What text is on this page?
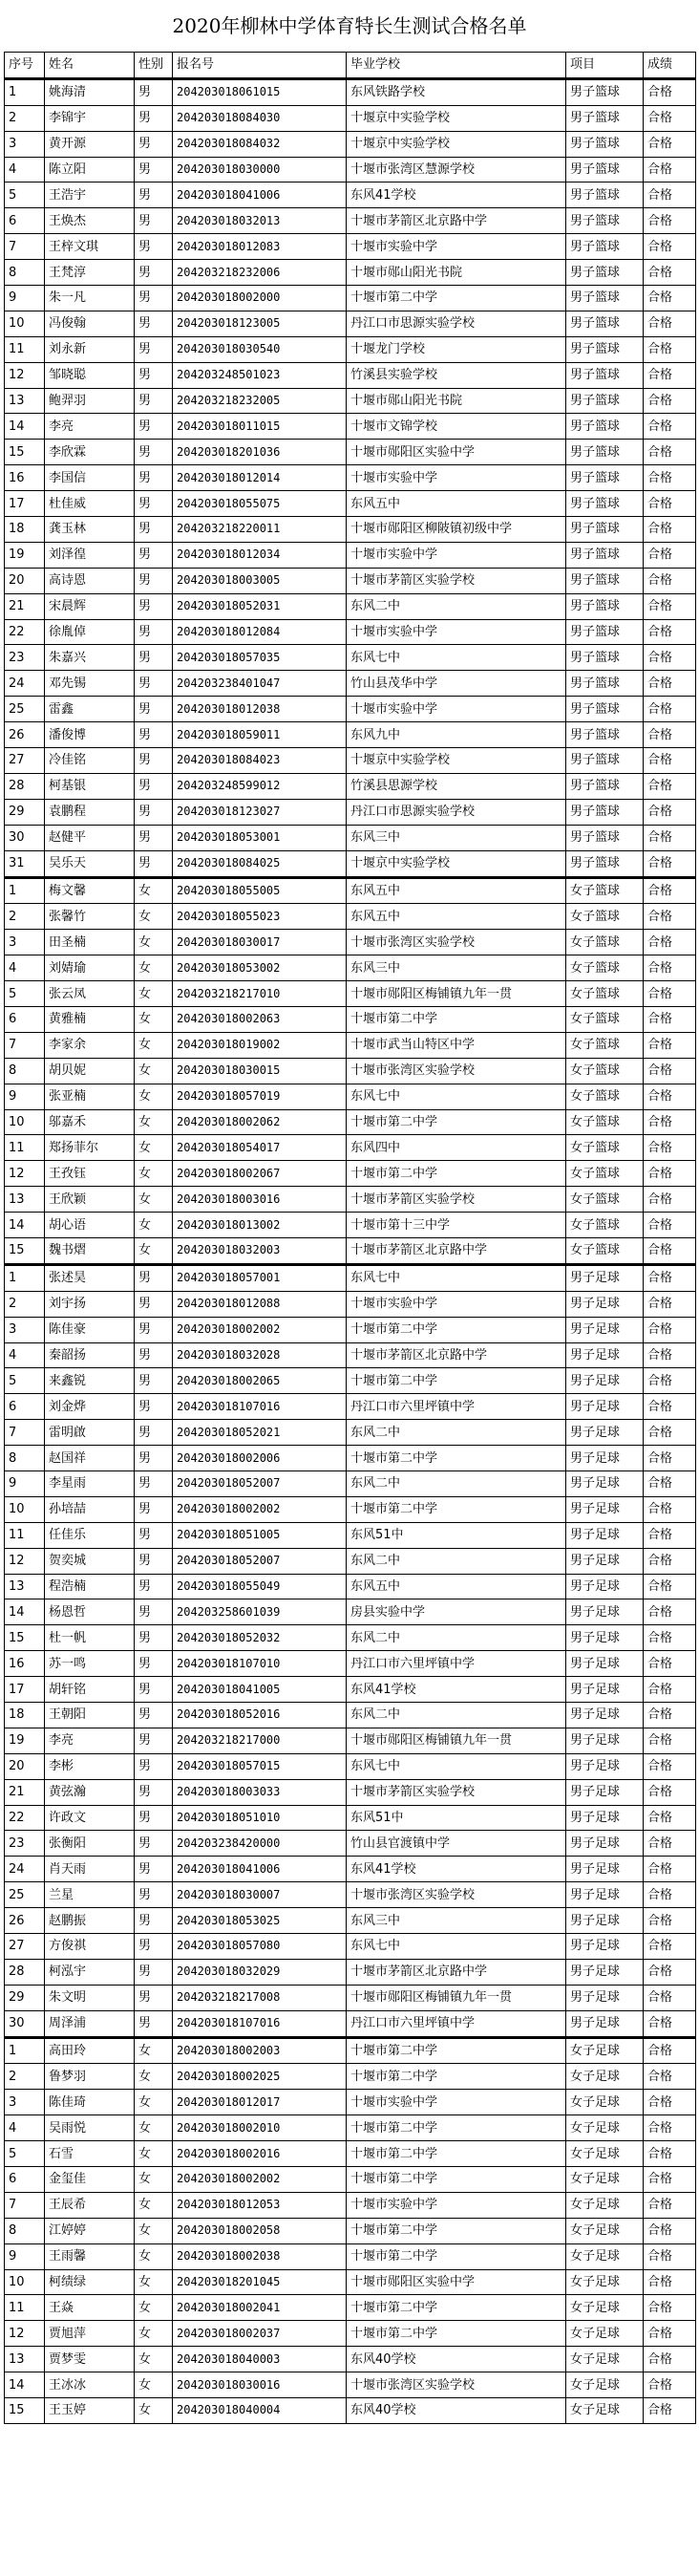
2020年柳林中学体育特长生测试合格名单
序号	姓名	性别	报名号	毕业学校	项目	成绩
1	姚海清	男	204203018061015	东风铁路学校	男子篮球	合格
2	李锦宇	男	204203018084030	十堰京中实验学校	男子篮球	合格
3	黄开源	男	204203018084032	十堰京中实验学校	男子篮球	合格
4	陈立阳	男	204203018030000	十堰市张湾区慧源学校	男子篮球	合格
5	王浩宇	男	204203018041006	东风41学校	男子篮球	合格
6	王焕杰	男	204203018032013	十堰市茅箭区北京路中学	男子篮球	合格
7	王梓文琪	男	204203018012083	十堰市实验中学	男子篮球	合格
8	王梵淳	男	204203218232006	十堰市郧山阳光书院	男子篮球	合格
9	朱一凡	男	204203018002000	十堰市第二中学	男子篮球	合格
10	冯俊翰	男	204203018123005	丹江口市思源实验学校	男子篮球	合格
11	刘永新	男	204203018030540	十堰龙门学校	男子篮球	合格
12	邹晓聪	男	204203248501023	竹溪县实验学校	男子篮球	合格
13	鲍羿羽	男	204203218232005	十堰市郧山阳光书院	男子篮球	合格
14	李亮	男	204203018011015	十堰市文锦学校	男子篮球	合格
15	李欣霖	男	204203018201036	十堰市郧阳区实验中学	男子篮球	合格
16	李国信	男	204203018012014	十堰市实验中学	男子篮球	合格
17	杜佳威	男	204203018055075	东风五中	男子篮球	合格
18	龚玉林	男	204203218220011	十堰市郧阳区柳陂镇初级中学	男子篮球	合格
19	刘泽徨	男	204203018012034	十堰市实验中学	男子篮球	合格
20	高诗恩	男	204203018003005	十堰市茅箭区实验学校	男子篮球	合格
21	宋晨辉	男	204203018052031	东风二中	男子篮球	合格
22	徐胤倬	男	204203018012084	十堰市实验中学	男子篮球	合格
23	朱嘉兴	男	204203018057035	东风七中	男子篮球	合格
24	邓先锡	男	204203238401047	竹山县茂华中学	男子篮球	合格
25	雷鑫	男	204203018012038	十堰市实验中学	男子篮球	合格
26	潘俊博	男	204203018059011	东风九中	男子篮球	合格
27	冷佳铭	男	204203018084023	十堰京中实验学校	男子篮球	合格
28	柯基银	男	204203248599012	竹溪县思源学校	男子篮球	合格
29	袁鹏程	男	204203018123027	丹江口市思源实验学校	男子篮球	合格
30	赵健平	男	204203018053001	东风三中	男子篮球	合格
31	吴乐天	男	204203018084025	十堰京中实验学校	男子篮球	合格
1	梅文馨	女	204203018055005	东风五中	女子篮球	合格
2	张馨竹	女	204203018055023	东风五中	女子篮球	合格
3	田圣楠	女	204203018030017	十堰市张湾区实验学校	女子篮球	合格
4	刘婧瑜	女	204203018053002	东风三中	女子篮球	合格
5	张云凤	女	204203218217010	十堰市郧阳区梅铺镇九年一贯	女子篮球	合格
6	黄雅楠	女	204203018002063	十堰市第二中学	女子篮球	合格
7	李家余	女	204203018019002	十堰市武当山特区中学	女子篮球	合格
8	胡贝妮	女	204203018030015	十堰市张湾区实验学校	女子篮球	合格
9	张亚楠	女	204203018057019	东风七中	女子篮球	合格
10	邬嘉禾	女	204203018002062	十堰市第二中学	女子篮球	合格
11	郑扬菲尔	女	204203018054017	东风四中	女子篮球	合格
12	王孜钰	女	204203018002067	十堰市第二中学	女子篮球	合格
13	王欣颖	女	204203018003016	十堰市茅箭区实验学校	女子篮球	合格
14	胡心语	女	204203018013002	十堰市第十三中学	女子篮球	合格
15	魏书熠	女	204203018032003	十堰市茅箭区北京路中学	女子篮球	合格
1	张述昊	男	204203018057001	东风七中	男子足球	合格
2	刘宇扬	男	204203018012088	十堰市实验中学	男子足球	合格
3	陈佳豪	男	204203018002002	十堰市第二中学	男子足球	合格
4	秦韶扬	男	204203018032028	十堰市茅箭区北京路中学	男子足球	合格
5	来鑫锐	男	204203018002065	十堰市第二中学	男子足球	合格
6	刘金烨	男	204203018107016	丹江口市六里坪镇中学	男子足球	合格
7	雷明啟	男	204203018052021	东风二中	男子足球	合格
8	赵国祥	男	204203018002006	十堰市第二中学	男子足球	合格
9	李星雨	男	204203018052007	东风二中	男子足球	合格
10	孙培喆	男	204203018002002	十堰市第二中学	男子足球	合格
11	任佳乐	男	204203018051005	东风51中	男子足球	合格
12	贺奕城	男	204203018052007	东风二中	男子足球	合格
13	程浩楠	男	204203018055049	东风五中	男子足球	合格
14	杨恩哲	男	204203258601039	房县实验中学	男子足球	合格
15	杜一帆	男	204203018052032	东风二中	男子足球	合格
16	苏一鸣	男	204203018107010	丹江口市六里坪镇中学	男子足球	合格
17	胡轩铭	男	204203018041005	东风41学校	男子足球	合格
18	王朝阳	男	204203018052016	东风二中	男子足球	合格
19	李亮	男	204203218217000	十堰市郧阳区梅铺镇九年一贯	男子足球	合格
20	李彬	男	204203018057015	东风七中	男子足球	合格
21	黄弦瀚	男	204203018003033	十堰市茅箭区实验学校	男子足球	合格
22	许政文	男	204203018051010	东风51中	男子足球	合格
23	张衡阳	男	204203238420000	竹山县官渡镇中学	男子足球	合格
24	肖天雨	男	204203018041006	东风41学校	男子足球	合格
25	兰星	男	204203018030007	十堰市张湾区实验学校	男子足球	合格
26	赵鹏振	男	204203018053025	东风三中	男子足球	合格
27	方俊祺	男	204203018057080	东风七中	男子足球	合格
28	柯泓宇	男	204203018032029	十堰市茅箭区北京路中学	男子足球	合格
29	朱文明	男	204203218217008	十堰市郧阳区梅铺镇九年一贯	男子足球	合格
30	周泽浦	男	204203018107016	丹江口市六里坪镇中学	男子足球	合格
1	高田玲	女	204203018002003	十堰市第二中学	女子足球	合格
2	鲁梦羽	女	204203018002025	十堰市第二中学	女子足球	合格
3	陈佳琦	女	204203018012017	十堰市实验中学	女子足球	合格
4	吴雨悦	女	204203018002010	十堰市第二中学	女子足球	合格
5	石雪	女	204203018002016	十堰市第二中学	女子足球	合格
6	金玺佳	女	204203018002002	十堰市第二中学	女子足球	合格
7	王辰希	女	204203018012053	十堰市实验中学	女子足球	合格
8	江婷婷	女	204203018002058	十堰市第二中学	女子足球	合格
9	王雨馨	女	204203018002038	十堰市第二中学	女子足球	合格
10	柯绩绿	女	204203018201045	十堰市郧阳区实验中学	女子足球	合格
11	王焱	女	204203018002041	十堰市第二中学	女子足球	合格
12	贾旭萍	女	204203018002037	十堰市第二中学	女子足球	合格
13	贾梦雯	女	204203018040003	东风40学校	女子足球	合格
14	王冰冰	女	204203018030016	十堰市张湾区实验学校	女子足球	合格
15	王玉婷	女	204203018040004	东风40学校	女子足球	合格
